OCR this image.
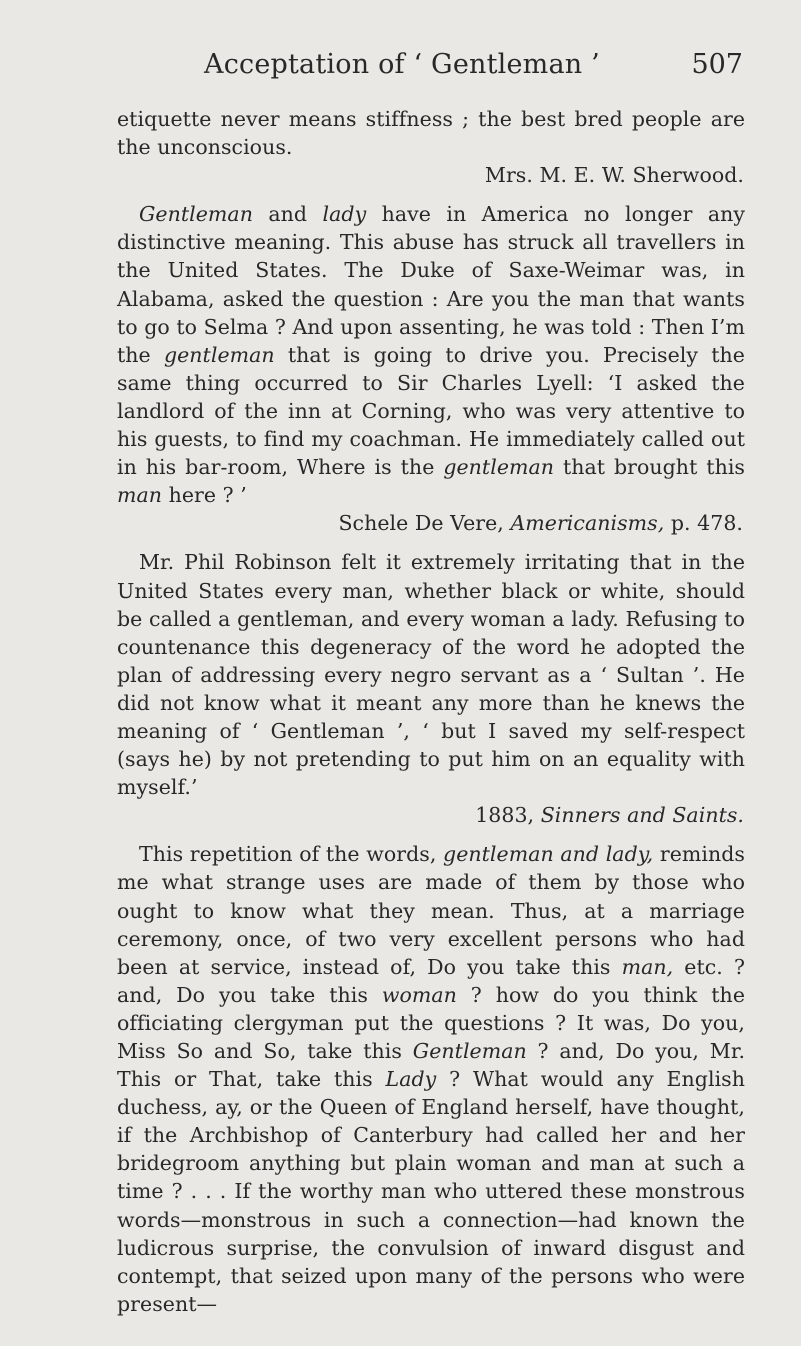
Acceptation of ‘ Gentleman ’	507

etiquette never means stiffness ; the best bred people are the unconscious.

Mrs. M. E. W. Sherwood.

Gentleman and lady have in America no longer any distinctive meaning. This abuse has struck all travellers in the United States. The Duke of Saxe-Weimar was, in Alabama, asked the question : Are you the man that wants to go to Selma ? And upon assenting, he was told : Then I’m the gentleman that is going to drive you. Precisely the same thing occurred to Sir Charles Lyell: ‘I asked the landlord of the inn at Corning, who was very attentive to his guests, to find my coachman. He immediately called out in his bar-room, Where is the gentleman that brought this man here ? ’

Schele De Vere, Americanisms, p. 478.

Mr. Phil Robinson felt it extremely irritating that in the United States every man, whether black or white, should be called a gentleman, and every woman a lady. Refusing to countenance this degeneracy of the word he adopted the plan of addressing every negro servant as a ‘ Sultan ’. He did not know what it meant any more than he knews the meaning of ‘ Gentleman ’, ‘ but I saved my self-respect (says he) by not pretending to put him on an equality with myself.’

1883, Sinners and Saints.

This repetition of the words, gentleman and lady, reminds me what strange uses are made of them by those who ought to know what they mean. Thus, at a marriage ceremony, once, of two very excellent persons who had been at service, instead of, Do you take this man, etc. ? and, Do you take this woman ? how do you think the officiating clergyman put the questions ? It was, Do you, Miss So and So, take this Gentleman ? and, Do you, Mr. This or That, take this Lady ? What would any English duchess, ay, or the Queen of England herself, have thought, if the Archbishop of Canterbury had called her and her bridegroom anything but plain woman and man at such a time ? . . . If the worthy man who uttered these monstrous words—monstrous in such a connection—had known the ludicrous surprise, the convulsion of inward disgust and contempt, that seized upon many of the persons who were present—
